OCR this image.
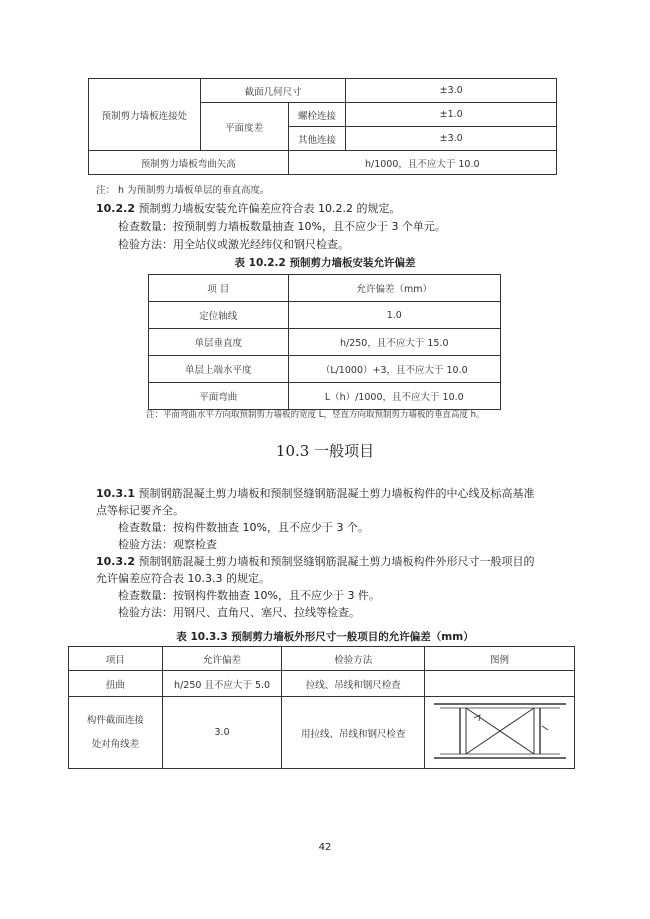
预制剪力墙板连接处	截面几何尺寸		±3.0
	平面度差	螺栓连接	±1.0
		其他连接	±3.0
预制剪力墙板弯曲矢高		h/1000，且不应大于 10.0	
注： h 为预制剪力墙板单层的垂直高度。
10.2.2 预制剪力墙板安装允许偏差应符合表 10.2.2 的规定。
检查数量：按预制剪力墙板数量抽查 10%，且不应少于 3 个单元。
检验方法：用全站仪或激光经纬仪和钢尺检查。
表 10.2.2 预制剪力墙板安装允许偏差
项 目	允许偏差（mm）
定位轴线	1.0
单层垂直度	h/250，且不应大于 15.0
单层上端水平度	（L/1000）+3，且不应大于 10.0
平面弯曲	L（h）/1000，且不应大于 10.0
注：平面弯曲水平方向取预制剪力墙板的宽度 L，竖直方向取预制剪力墙板的垂直高度 h。
10.3 一般项目
10.3.1 预制钢筋混凝土剪力墙板和预制竖缝钢筋混凝土剪力墙板构件的中心线及标高基准
点等标记要齐全。
检查数量：按构件数抽查 10%，且不应少于 3 个。
检验方法：观察检查
10.3.2 预制钢筋混凝土剪力墙板和预制竖缝钢筋混凝土剪力墙板构件外形尺寸一般项目的
允许偏差应符合表 10.3.3 的规定。
检查数量：按钢构件数抽查 10%，且不应少于 3 件。
检验方法：用钢尺、直角尺、塞尺、拉线等检查。
表 10.3.3 预制剪力墙板外形尺寸一般项目的允许偏差（mm）
项目	允许偏差	检验方法	图例
扭曲	h/250 且不应大于 5.0	拉线、吊线和钢尺检查	

构件截面连接
处对角线差	3.0	用拉线、吊线和钢尺检查	
42
